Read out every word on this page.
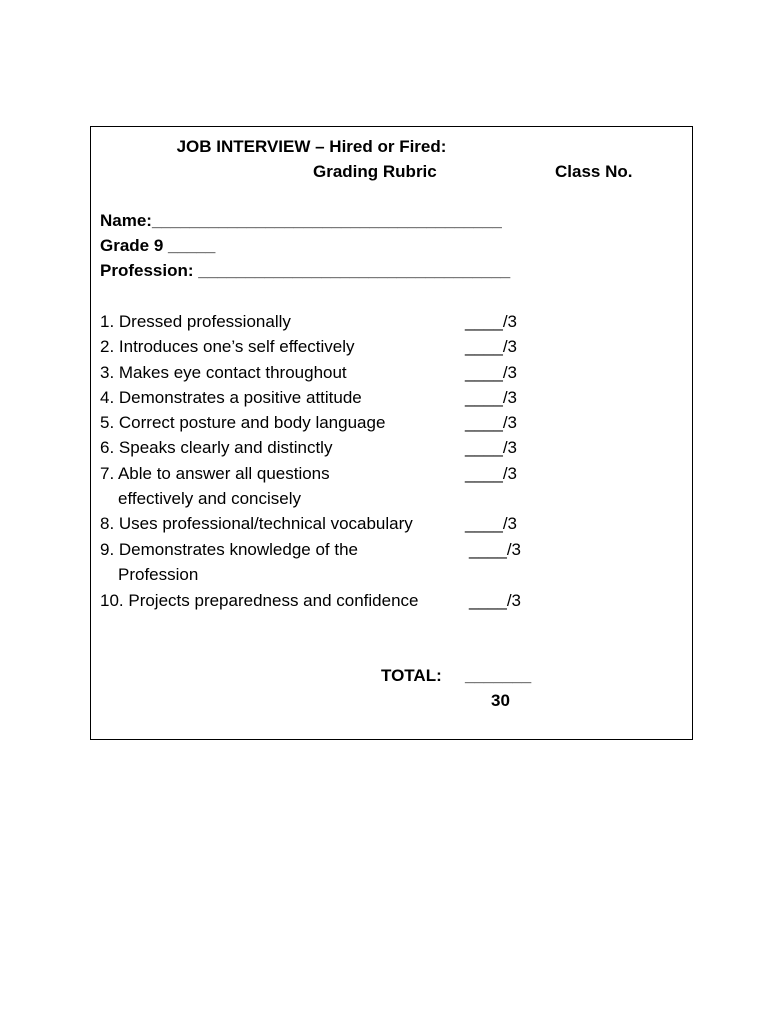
JOB INTERVIEW – Hired or Fired:
Grading Rubric	Class No.
Name:_____________________________________
Grade 9 _____
Profession: _________________________________
1. Dressed professionally	____/3
2. Introduces one’s self effectively	____/3
3. Makes eye contact throughout	____/3
4. Demonstrates a positive attitude	____/3
5. Correct posture and body language	____/3
6. Speaks clearly and distinctly	____/3
7. Able to answer all questions	____/3
effectively and concisely
8. Uses professional/technical vocabulary	____/3
9. Demonstrates knowledge of the	____/3
Profession
10. Projects preparedness and confidence	____/3
TOTAL: _______
30
